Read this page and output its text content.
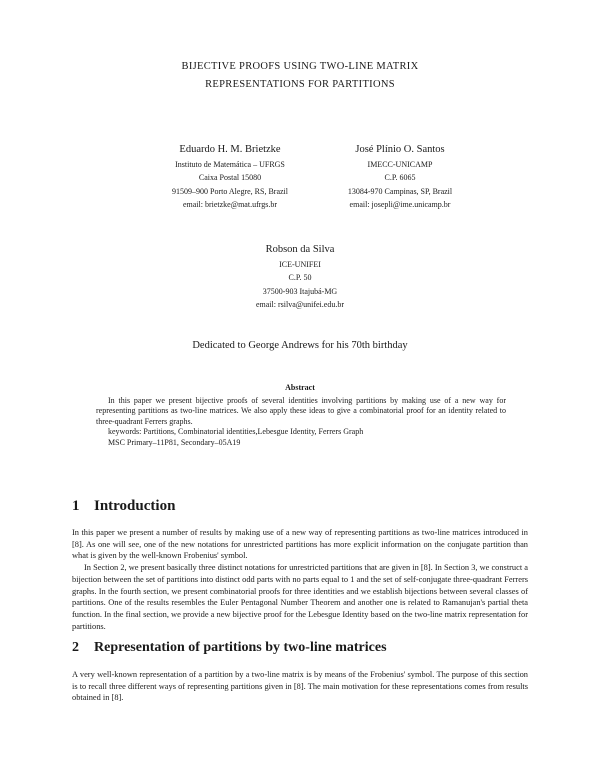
BIJECTIVE PROOFS USING TWO-LINE MATRIX
REPRESENTATIONS FOR PARTITIONS
Eduardo H. M. Brietzke
Instituto de Matemática – UFRGS
Caixa Postal 15080
91509–900 Porto Alegre, RS, Brazil
email: brietzke@mat.ufrgs.br
José Plínio O. Santos
IMECC-UNICAMP
C.P. 6065
13084-970 Campinas, SP, Brazil
email: josepli@ime.unicamp.br
Robson da Silva
ICE-UNIFEI
C.P. 50
37500-903 Itajubá-MG
email: rsilva@unifei.edu.br
Dedicated to George Andrews for his 70th birthday
Abstract

In this paper we present bijective proofs of several identities involving partitions by making use of a new way for representing partitions as two-line matrices. We also apply these ideas to give a combinatorial proof for an identity related to three-quadrant Ferrers graphs.

keywords: Partitions, Combinatorial identities,Lebesgue Identity, Ferrers Graph

MSC Primary–11P81, Secondary–05A19

1 Introduction

In this paper we present a number of results by making use of a new way of representing partitions as two-line matrices introduced in [8]. As one will see, one of the new notations for unrestricted partitions has more explicit information on the conjugate partition than what is given by the well-known Frobenius' symbol.

In Section 2, we present basically three distinct notations for unrestricted partitions that are given in [8]. In Section 3, we construct a bijection between the set of partitions into distinct odd parts with no parts equal to 1 and the set of self-conjugate three-quadrant Ferrers graphs. In the fourth section, we present combinatorial proofs for three identities and we establish bijections between several classes of partitions. One of the results resembles the Euler Pentagonal Number Theorem and another one is related to Ramanujan's partial theta function. In the final section, we provide a new bijective proof for the Lebesgue Identity based on the two-line matrix representation for partitions.

2 Representation of partitions by two-line matrices

A very well-known representation of a partition by a two-line matrix is by means of the Frobenius' symbol. The purpose of this section is to recall three different ways of representing partitions given in [8]. The main motivation for these representations comes from results obtained in [8].
